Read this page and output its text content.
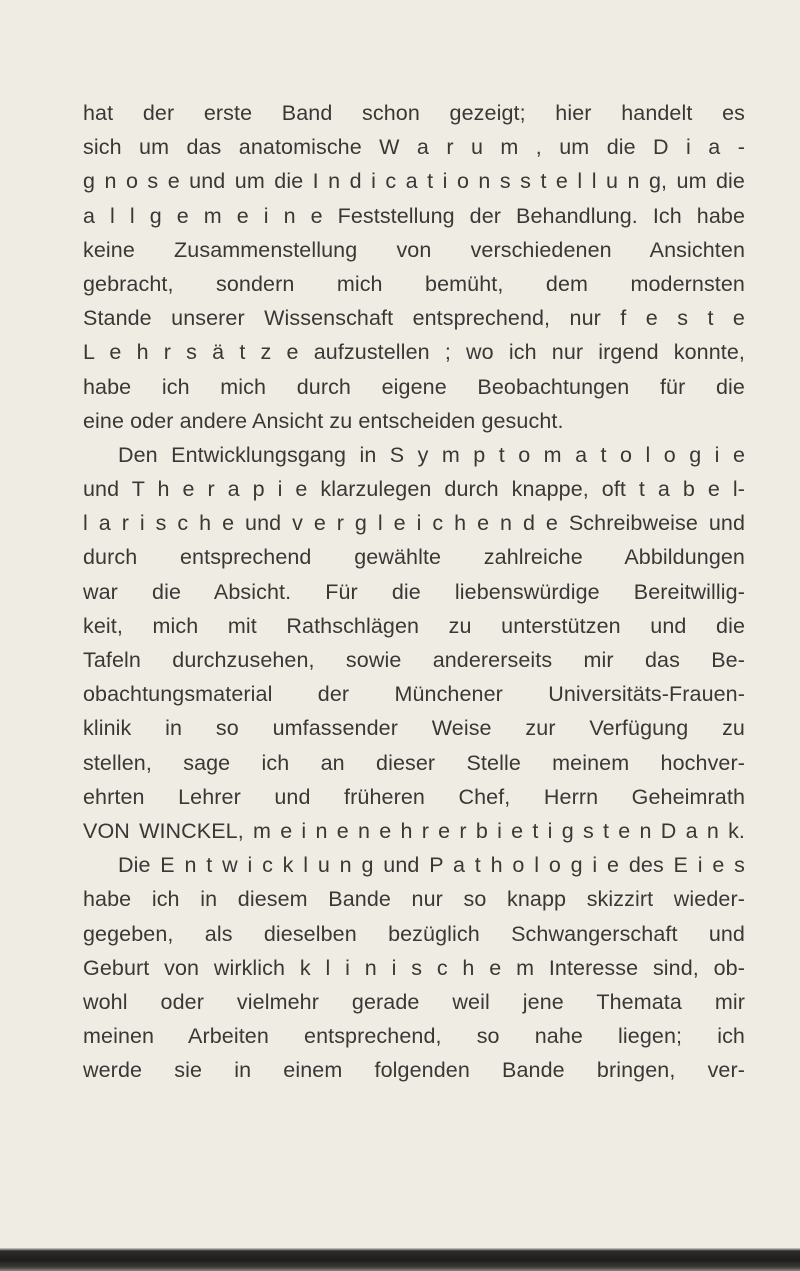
hat der erste Band schon gezeigt; hier handelt es
sich um das anatomische W a r u m , um die D i a -
g n o s e und um die I n d i c a t i o n s s t e l l u n g, um die
a l l g e m e i n e Feststellung der Behandlung. Ich habe
keine Zusammenstellung von verschiedenen Ansichten
gebracht, sondern mich bemüht, dem modernsten
Stande unserer Wissenschaft entsprechend, nur f e s t e
L e h r s ä t z e aufzustellen ; wo ich nur irgend konnte,
habe ich mich durch eigene Beobachtungen für die
eine oder andere Ansicht zu entscheiden gesucht.
Den Entwicklungsgang in S y m p t o m a t o l o g i e
und T h e r a p i e klarzulegen durch knappe, oft t a b e l-
l a r i s c h e und v e r g l e i c h e n d e Schreibweise und
durch entsprechend gewählte zahlreiche Abbildungen
war die Absicht. Für die liebenswürdige Bereitwillig-
keit, mich mit Rathschlägen zu unterstützen und die
Tafeln durchzusehen, sowie andererseits mir das Be-
obachtungsmaterial der Münchener Universitäts-Frauen-
klinik in so umfassender Weise zur Verfügung zu
stellen, sage ich an dieser Stelle meinem hochver-
ehrten Lehrer und früheren Chef, Herrn Geheimrath
VON WINCKEL, m e i n e n e h r e r b i e t i g s t e n D a n k.
Die E n t w i c k l u n g und P a t h o l o g i e des E i e s
habe ich in diesem Bande nur so knapp skizzirt wieder-
gegeben, als dieselben bezüglich Schwangerschaft und
Geburt von wirklich k l i n i s c h e m Interesse sind, ob-
wohl oder vielmehr gerade weil jene Themata mir
meinen Arbeiten entsprechend, so nahe liegen; ich
werde sie in einem folgenden Bande bringen, ver-
